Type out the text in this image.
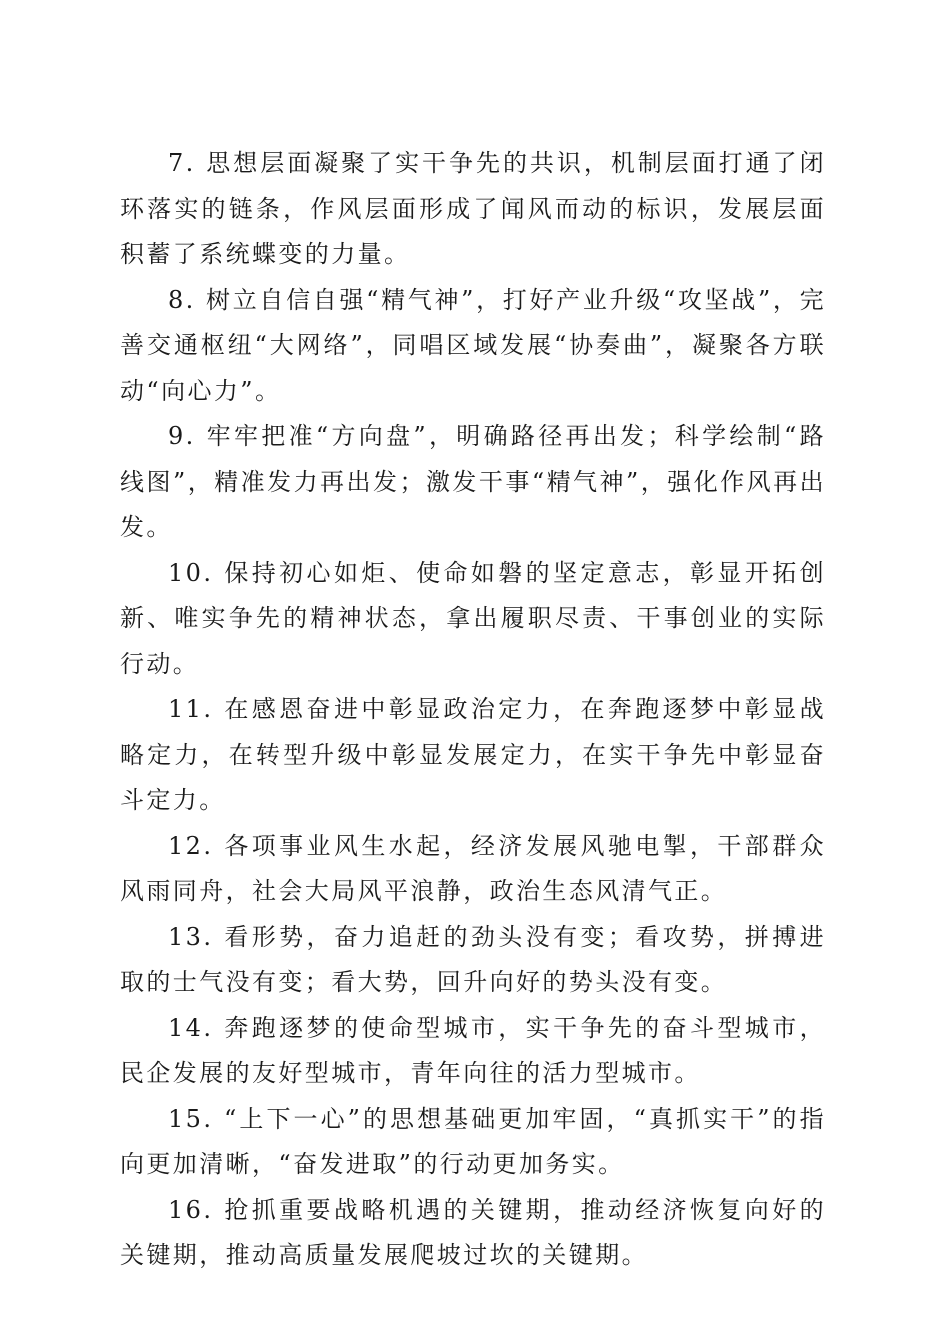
7. 思想层面凝聚了实干争先的共识，机制层面打通了闭环落实的链条，作风层面形成了闻风而动的标识，发展层面积蓄了系统蝶变的力量。

8. 树立自信自强“精气神”，打好产业升级“攻坚战”，完善交通枢纽“大网络”，同唱区域发展“协奏曲”，凝聚各方联动“向心力”。

9. 牢牢把准“方向盘”，明确路径再出发；科学绘制“路线图”，精准发力再出发；激发干事“精气神”，强化作风再出发。

10. 保持初心如炬、使命如磐的坚定意志，彰显开拓创新、唯实争先的精神状态，拿出履职尽责、干事创业的实际行动。

11. 在感恩奋进中彰显政治定力，在奔跑逐梦中彰显战略定力，在转型升级中彰显发展定力，在实干争先中彰显奋斗定力。

12. 各项事业风生水起，经济发展风驰电掣，干部群众风雨同舟，社会大局风平浪静，政治生态风清气正。

13. 看形势，奋力追赶的劲头没有变；看攻势，拼搏进取的士气没有变；看大势，回升向好的势头没有变。

14. 奔跑逐梦的使命型城市，实干争先的奋斗型城市，民企发展的友好型城市，青年向往的活力型城市。

15. “上下一心”的思想基础更加牢固，“真抓实干”的指向更加清晰，“奋发进取”的行动更加务实。

16. 抢抓重要战略机遇的关键期，推动经济恢复向好的关键期，推动高质量发展爬坡过坎的关键期。
